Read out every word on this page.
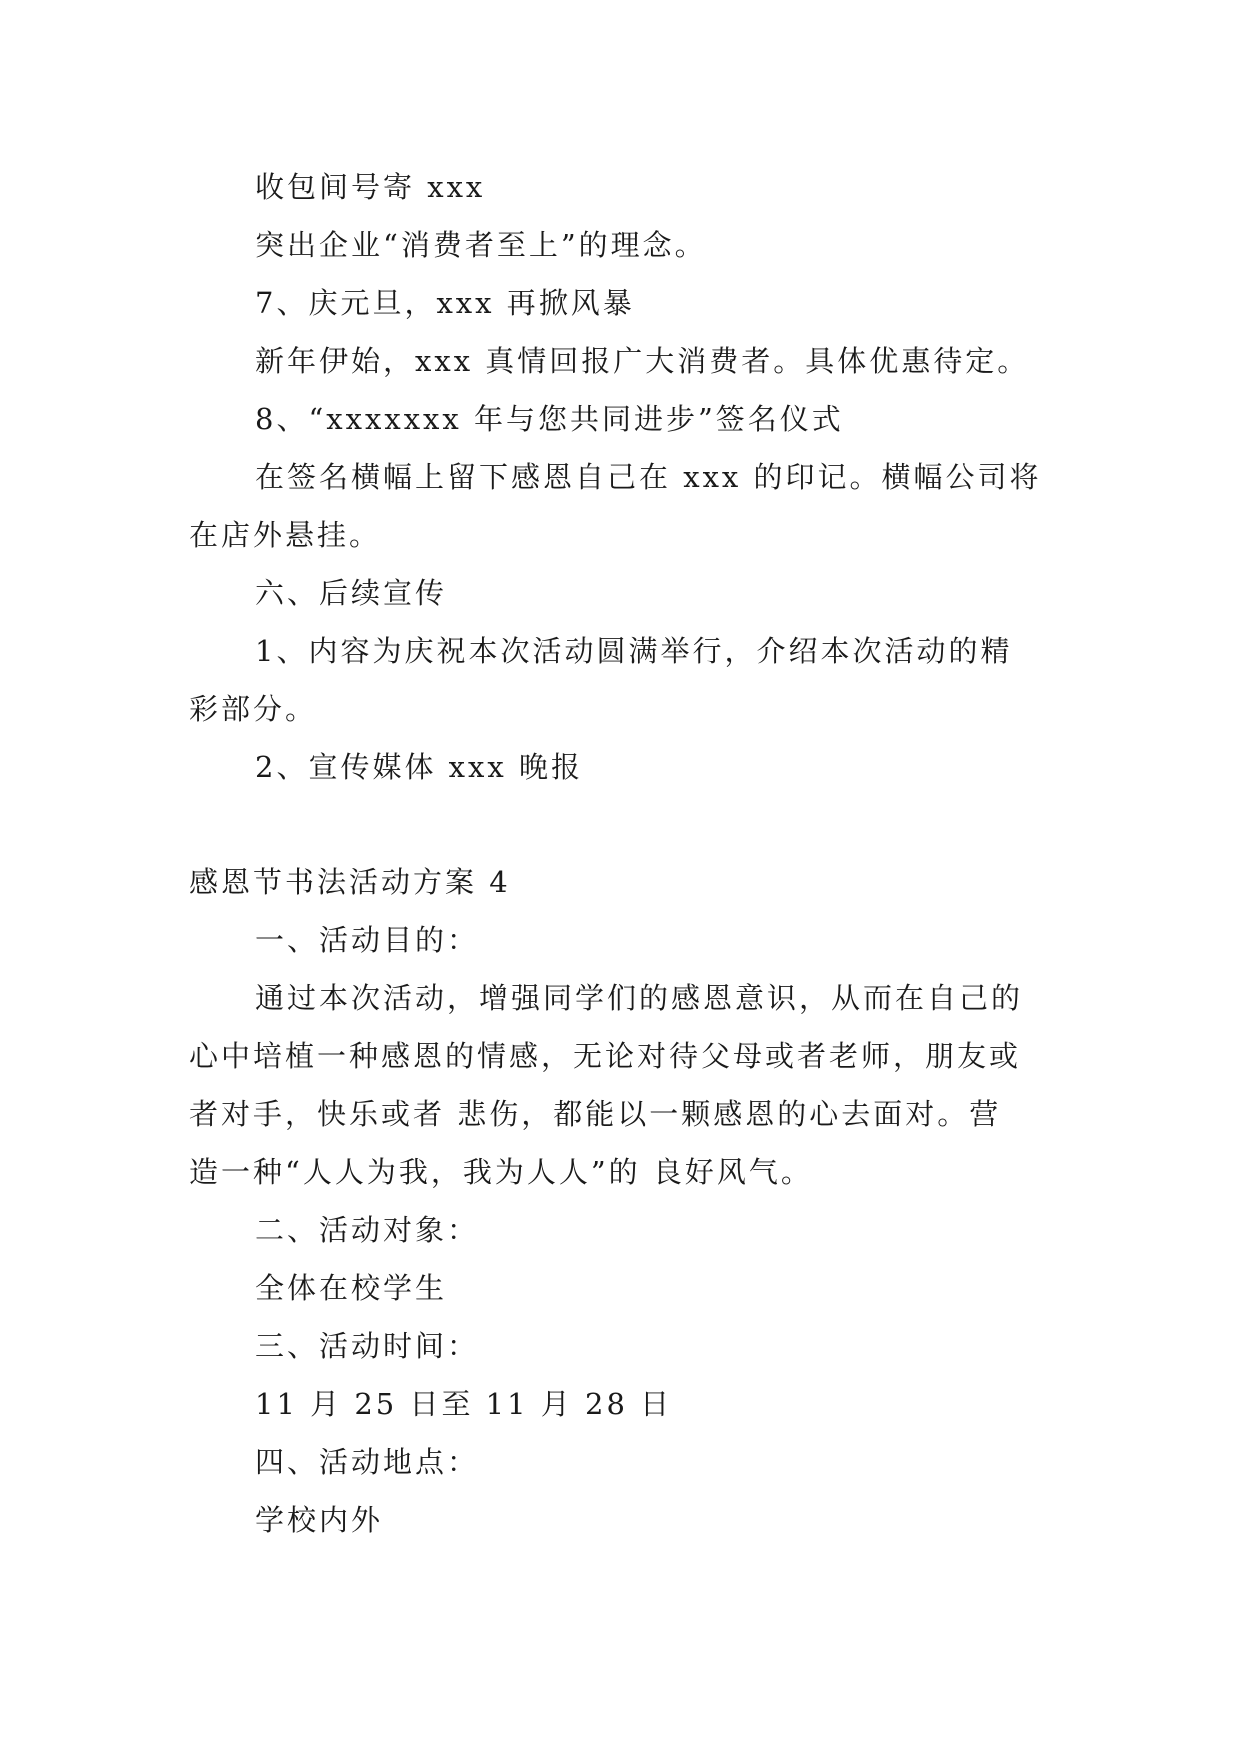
收包间号寄 xxx
突出企业“消费者至上”的理念。
7、庆元旦，xxx 再掀风暴
新年伊始，xxx 真情回报广大消费者。具体优惠待定。
8、“xxxxxxx 年与您共同进步”签名仪式
在签名横幅上留下感恩自己在 xxx 的印记。横幅公司将
在店外悬挂。
六、后续宣传
1、内容为庆祝本次活动圆满举行，介绍本次活动的精
彩部分。
2、宣传媒体 xxx 晚报
感恩节书法活动方案 4
一、活动目的：
通过本次活动，增强同学们的感恩意识，从而在自己的
心中培植一种感恩的情感，无论对待父母或者老师，朋友或
者对手，快乐或者 悲伤，都能以一颗感恩的心去面对。营
造一种“人人为我，我为人人”的 良好风气。
二、活动对象：
全体在校学生
三、活动时间：
11 月 25 日至 11 月 28 日
四、活动地点：
学校内外
